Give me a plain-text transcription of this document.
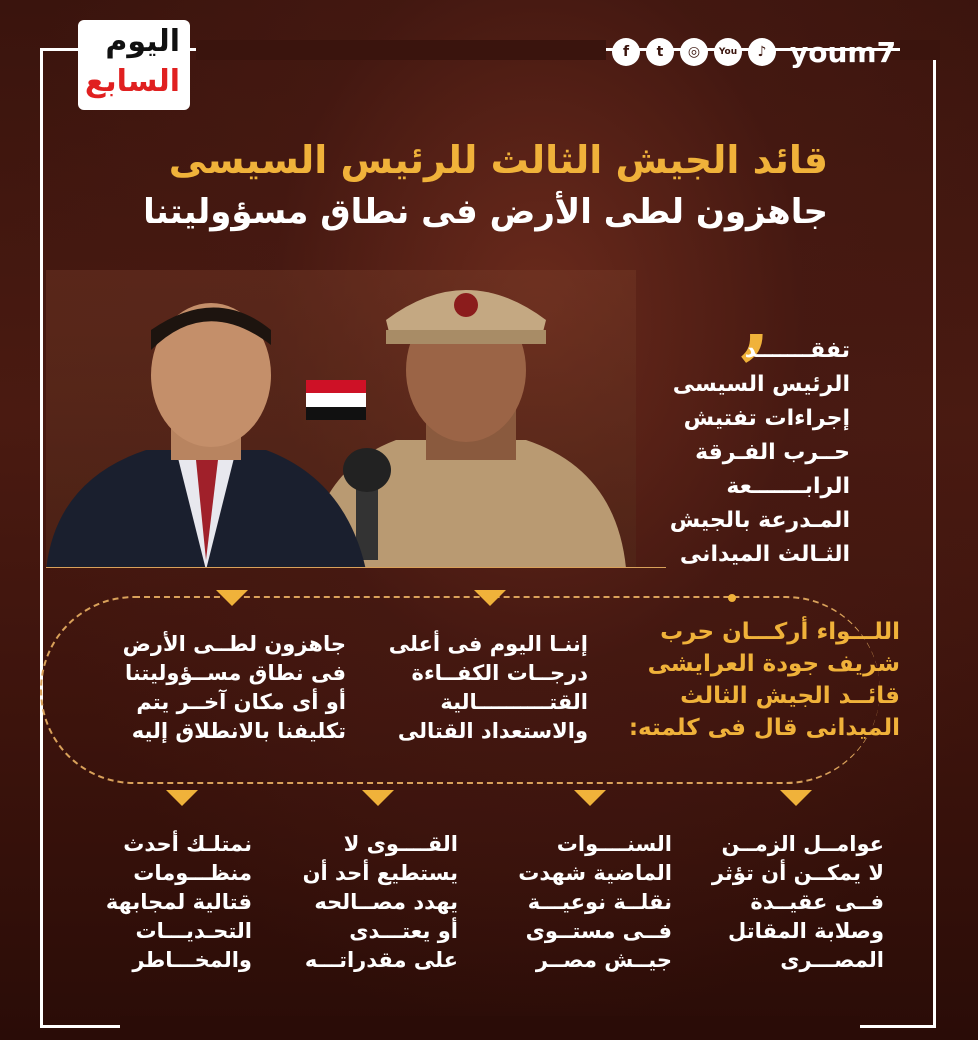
اليوم
السابع
f	t	◎	You	♪ youm7
قائد الجيش الثالث للرئيس السيسى
جاهزون لطى الأرض فى نطاق مسؤوليتنا
,
تفقـــــــد
الرئيس السيسى
إجراءات تفتيش
حــرب الفـرقة
الرابـــــــعة
المـدرعة بالجيش
الثـالث الميدانى
اللـــواء أركـــان حرب
شريف جودة العرايشى
قائــد الجيش الثالث
الميدانى قال فى كلمته:
إننـا اليوم فى أعلى
درجــات الكفــاءة
القتــــــــــالية
والاستعداد القتالى
جاهزون لطــى الأرض
فى نطاق مســؤوليتنا
أو أى مكان آخــر يتم
تكليفنا بالانطلاق إليه
عوامــل الزمــن
لا يمكــن أن تؤثر
فــى عقيــدة
وصلابة المقاتل
المصـــرى
السنــــوات
الماضية شهدت
نقلــة نوعيـــة
فــى مستــوى
جيــش مصــر
القــــوى لا
يستطيع أحد أن
يهدد مصــالحه
أو يعتـــدى
على مقدراتـــه
نمتلـك أحدث
منظـــومات
قتالية لمجابهة
التحـديـــات
والمخـــاطر
